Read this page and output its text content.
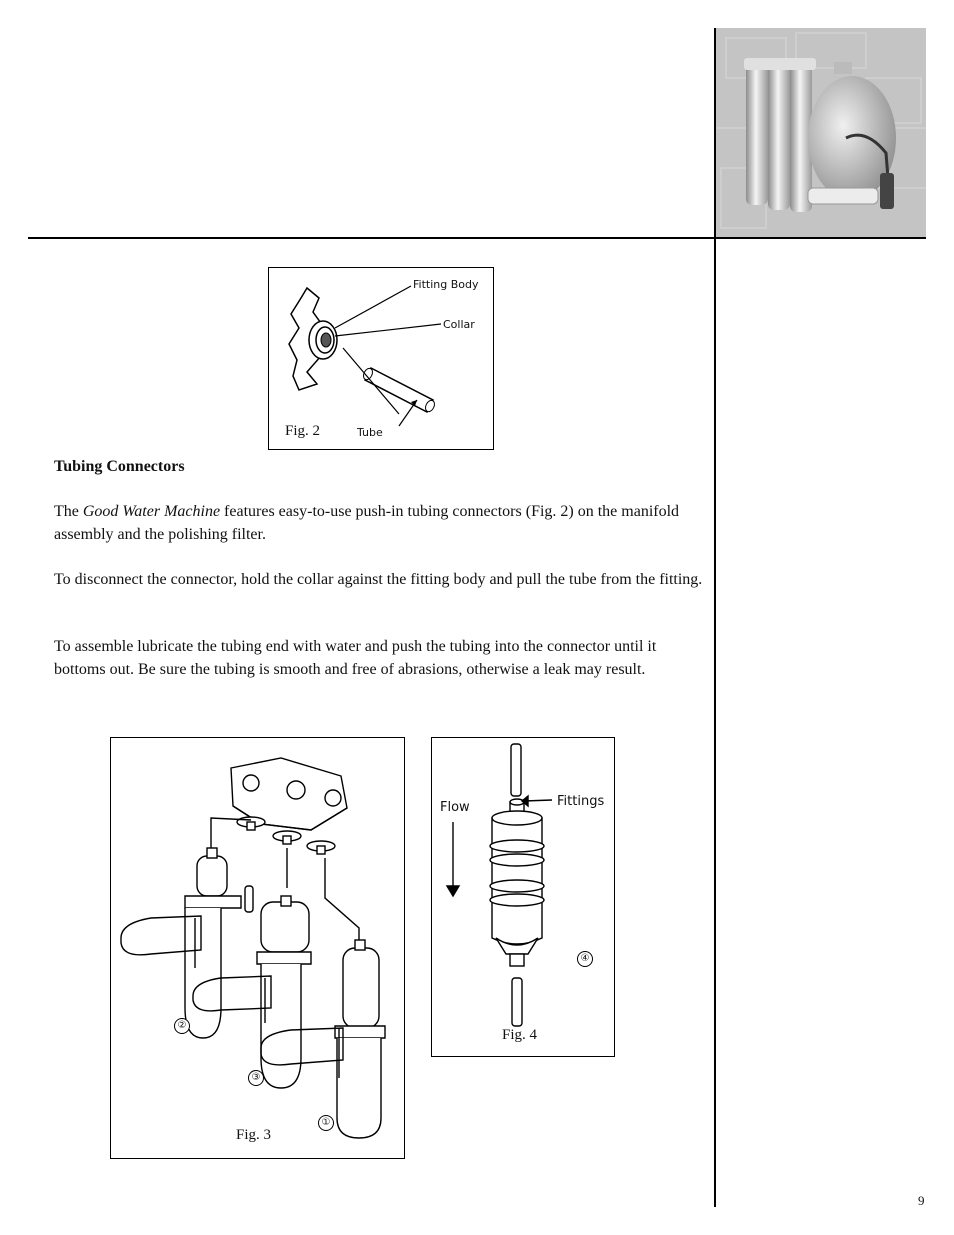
Fitting Body
Collar
Tube
Fig. 2
Tubing Connectors

The Good Water Machine features easy-to-use push-in tubing connectors (Fig. 2) on the manifold assembly and the polishing filter.

To disconnect the connector, hold the collar against the fitting body and pull the tube from the fitting.

To assemble lubricate the tubing end with water and push the tubing into the connector until it bottoms out. Be sure the tubing is smooth and free of abrasions, otherwise a leak may result.

②
③
①
Fig. 3
Flow	Fittings
④
Fig. 4
9
